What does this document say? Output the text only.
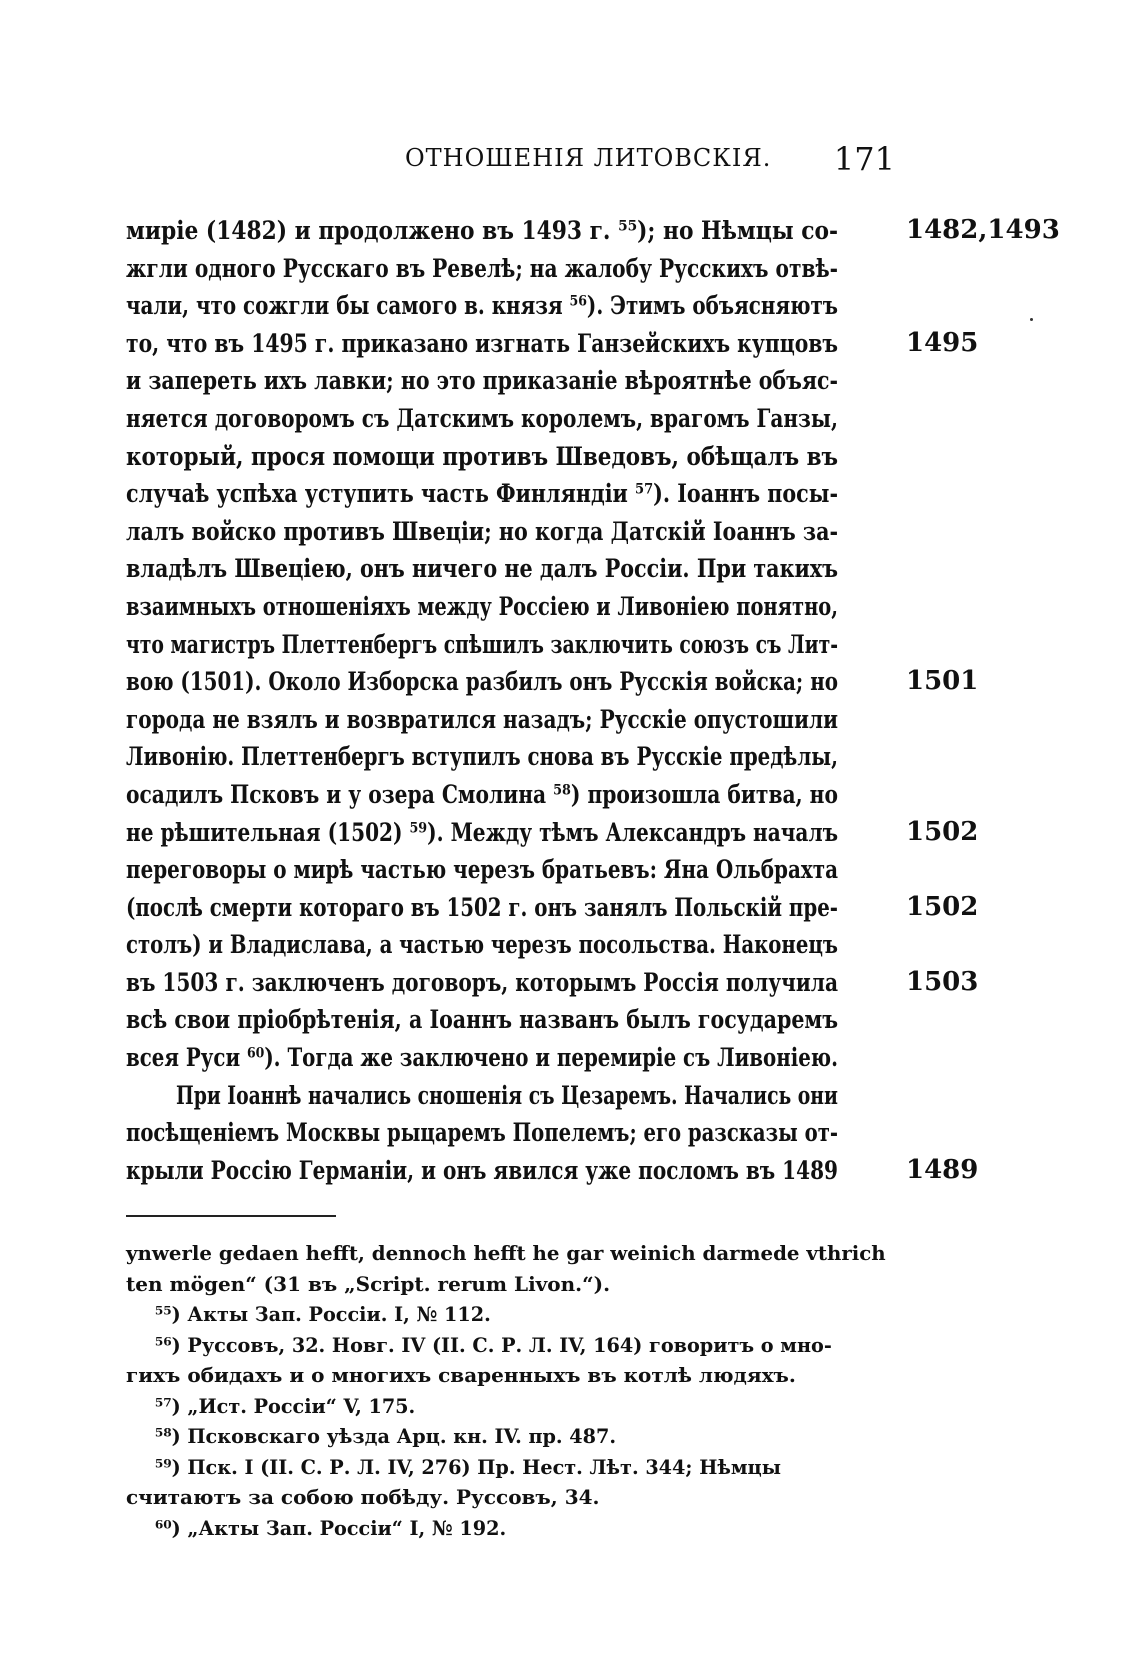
ОТНОШЕНІЯ ЛИТОВСКІЯ. 171
миріе (1482) и продолжено въ 1493 г. ⁵⁵); но Нѣмцы со-	1482,1493
жгли одного Русскаго въ Ревелѣ; на жалобу Русскихъ отвѣ-
чали, что сожгли бы самого в. князя ⁵⁶). Этимъ объясняютъ
то, что въ 1495 г. приказано изгнать Ганзейскихъ купцовъ	1495
и запереть ихъ лавки; но это приказаніе вѣроятнѣе объяс-
няется договоромъ съ Датскимъ королемъ, врагомъ Ганзы,
который, прося помощи противъ Шведовъ, обѣщалъ въ
случаѣ успѣха уступить часть Финляндіи ⁵⁷). Іоаннъ посы-
лалъ войско противъ Швеціи; но когда Датскій Іоаннъ за-
владѣлъ Швеціею, онъ ничего не далъ Россіи. При такихъ
взаимныхъ отношеніяхъ между Россіею и Ливоніею понятно,
что магистръ Плеттенбергъ спѣшилъ заключить союзъ съ Лит-
вою (1501). Около Изборска разбилъ онъ Русскія войска; но	1501
города не взялъ и возвратился назадъ; Русскіе опустошили
Ливонію. Плеттенбергъ вступилъ снова въ Русскіе предѣлы,
осадилъ Псковъ и у озера Смолина ⁵⁸) произошла битва, но
не рѣшительная (1502) ⁵⁹). Между тѣмъ Александръ началъ	1502
переговоры о мирѣ частью черезъ братьевъ: Яна Ольбрахта
(послѣ смерти котораго въ 1502 г. онъ занялъ Польскій пре-	1502
столъ) и Владислава, а частью черезъ посольства. Наконецъ
въ 1503 г. заключенъ договоръ, которымъ Россія получила	1503
всѣ свои пріобрѣтенія, а Іоаннъ названъ былъ государемъ
всея Руси ⁶⁰). Тогда же заключено и перемиріе съ Ливоніею.
При Іоаннѣ начались сношенія съ Цезаремъ. Начались они
посѣщеніемъ Москвы рыцаремъ Попелемъ; его разсказы от-
крыли Россію Германіи, и онъ явился уже посломъ въ 1489	1489
ynwerle gedaen hefft, dennoch hefft he gar weinich darmede vthrich
ten mögen“ (31 въ „Script. rerum Livon.“).
⁵⁵) Акты Зап. Россіи. I, № 112.
⁵⁶) Руссовъ, 32. Новг. IV (II. С. Р. Л. IV, 164) говоритъ о мно-
гихъ обидахъ и о многихъ сваренныхъ въ котлѣ людяхъ.
⁵⁷) „Ист. Россіи“ V, 175.
⁵⁸) Псковскаго уѣзда Арц. кн. IV. пр. 487.
⁵⁹) Пск. I (II. С. Р. Л. IV, 276) Пр. Нест. Лѣт. 344; Нѣмцы
считаютъ за собою побѣду. Руссовъ, 34.
⁶⁰) „Акты Зап. Россіи“ I, № 192.
